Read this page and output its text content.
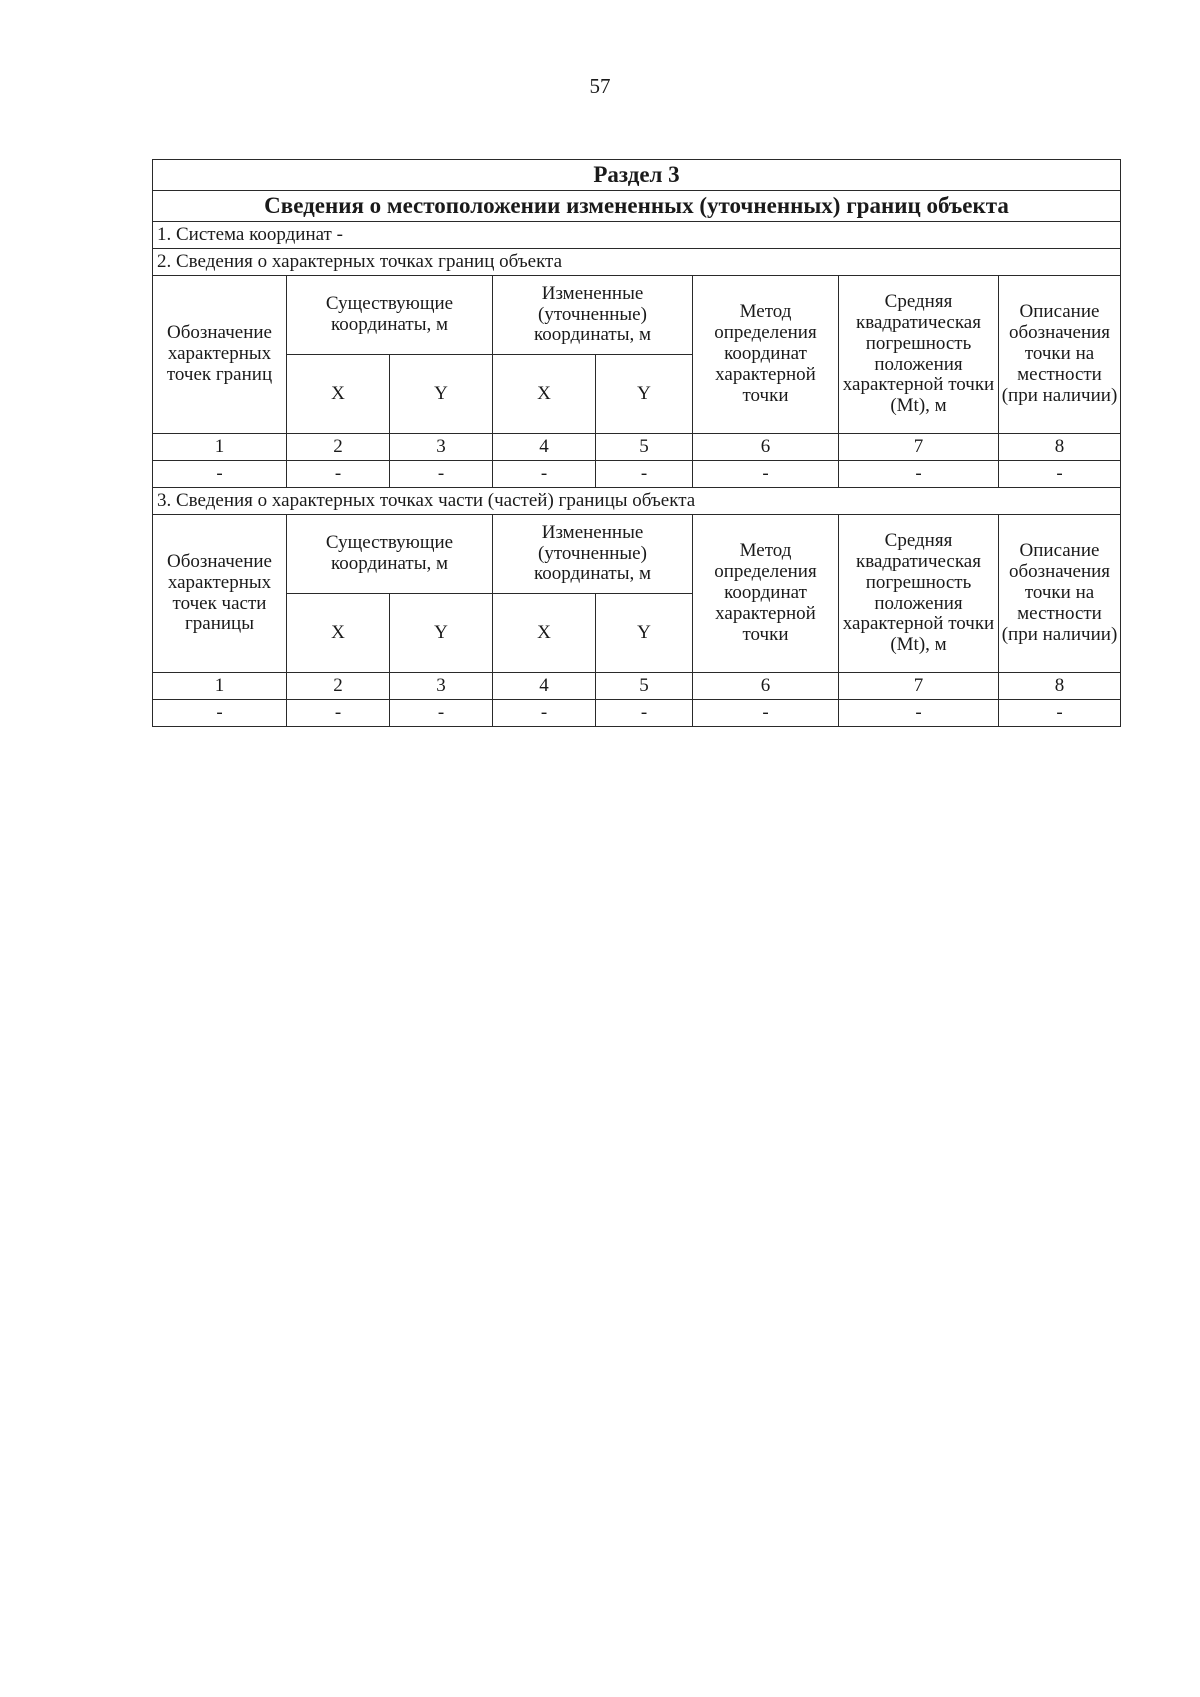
57
Раздел 3							
Сведения о местоположении измененных (уточненных) границ объекта							
1. Система координат -							
2. Сведения о характерных точках границ объекта							
Обозначение характерных точек границ	Существующие координаты, м		Измененные (уточненные) координаты, м		Метод определения координат характерной точки	Средняя квадратическая погрешность положения характерной точки (Mt), м	Описание обозначения точки на местности (при наличии)
	X	Y	X	Y			
1	2	3	4	5	6	7	8
-	-	-	-	-	-	-	-
3. Сведения о характерных точках части (частей) границы объекта							
Обозначение характерных точек части границы	Существующие координаты, м		Измененные (уточненные) координаты, м		Метод определения координат характерной точки	Средняя квадратическая погрешность положения характерной точки (Mt), м	Описание обозначения точки на местности (при наличии)
	X	Y	X	Y			
1	2	3	4	5	6	7	8
-	-	-	-	-	-	-	-
